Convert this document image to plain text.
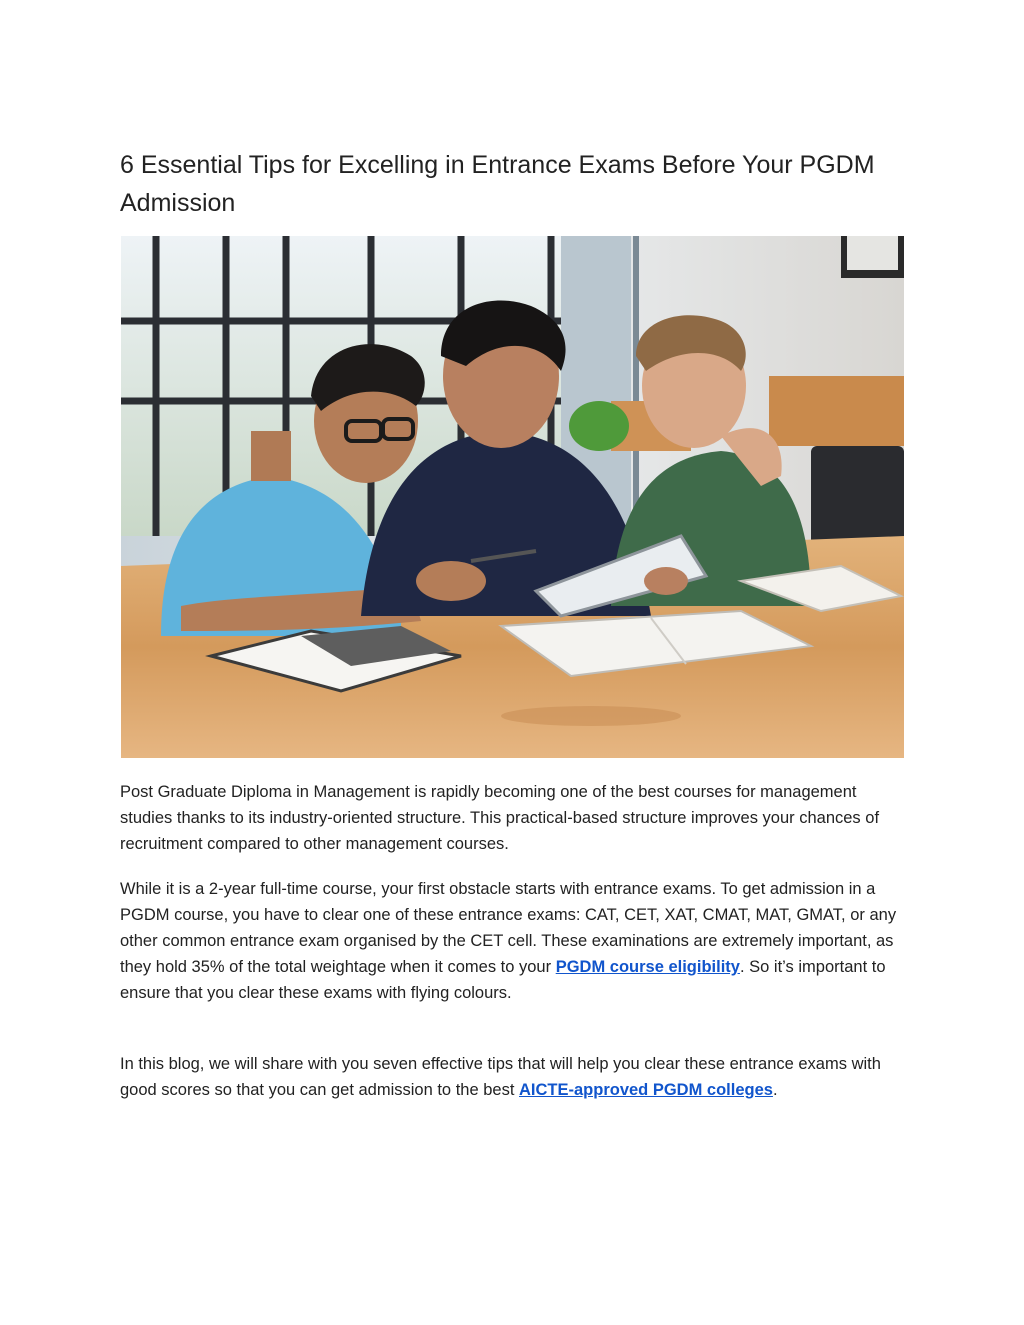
6 Essential Tips for Excelling in Entrance Exams Before Your PGDM Admission

Post Graduate Diploma in Management is rapidly becoming one of the best courses for management studies thanks to its industry-oriented structure. This practical-based structure improves your chances of recruitment compared to other management courses.

While it is a 2-year full-time course, your first obstacle starts with entrance exams. To get admission in a PGDM course, you have to clear one of these entrance exams: CAT, CET, XAT, CMAT, MAT, GMAT, or any other common entrance exam organised by the CET cell. These examinations are extremely important, as they hold 35% of the total weightage when it comes to your PGDM course eligibility. So it’s important to ensure that you clear these exams with flying colours.

In this blog, we will share with you seven effective tips that will help you clear these entrance exams with good scores so that you can get admission to the best AICTE-approved PGDM colleges.
